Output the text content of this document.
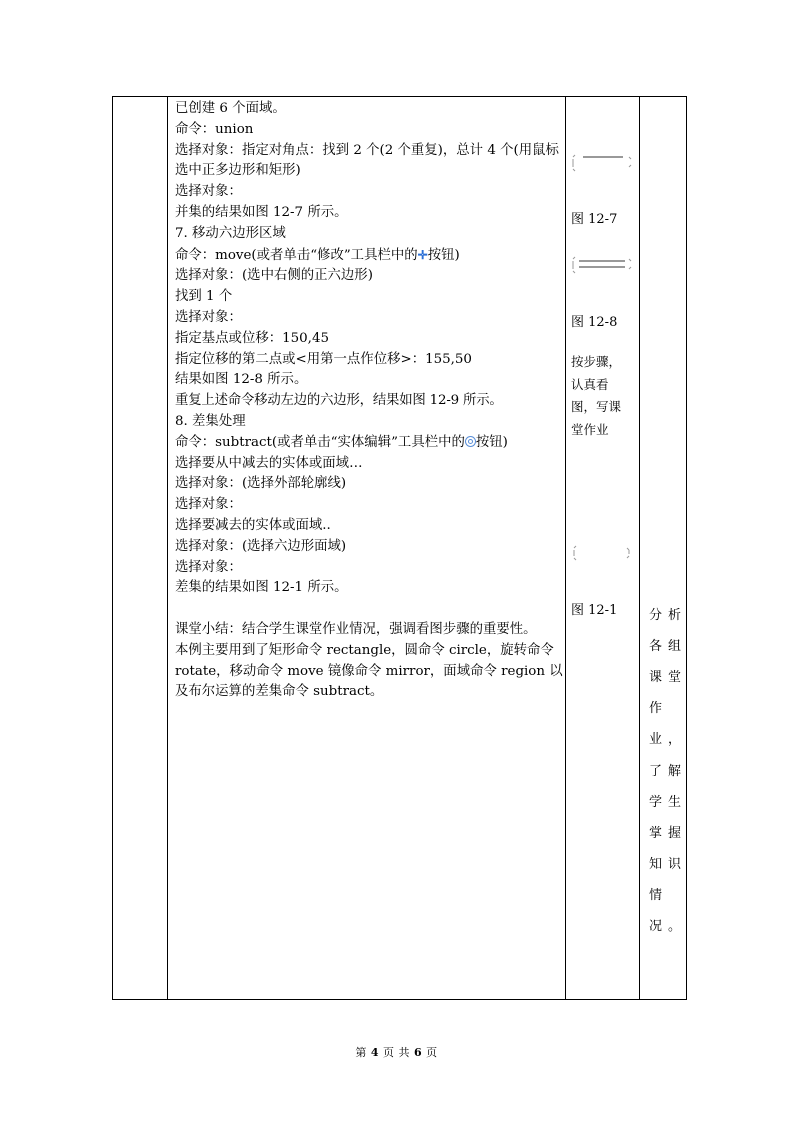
已创建 6 个面域。
命令：union
选择对象：指定对角点：找到 2 个(2 个重复)，总计 4 个(用鼠标选中正多边形和矩形)
选择对象：
并集的结果如图 12-7 所示。
7. 移动六边形区域
命令：move(或者单击“修改”工具栏中的✛按钮)
选择对象：(选中右侧的正六边形)
找到 1 个
选择对象：
指定基点或位移：150,45
指定位移的第二点或<用第一点作位移>：155,50
结果如图 12-8 所示。
重复上述命令移动左边的六边形，结果如图 12-9 所示。
8. 差集处理
命令：subtract(或者单击“实体编辑”工具栏中的 按钮)
选择要从中减去的实体或面域…
选择对象：(选择外部轮廓线)
选择对象：
选择要减去的实体或面域..
选择对象：(选择六边形面域)
选择对象：
差集的结果如图 12-1 所示。
课堂小结：结合学生课堂作业情况，强调看图步骤的重要性。
本例主要用到了矩形命令 rectangle，圆命令 circle，旋转命令 rotate，移动命令 move 镜像命令 mirror，面域命令 region 以及布尔运算的差集命令 subtract。
图 12-7
图 12-8
按步骤，认真看图，写课堂作业
图 12-1 分 析
各 组
课 堂
作
业 ，
了 解
学 生
掌 握
知 识
情
况 。
第 4 页 共 6 页
